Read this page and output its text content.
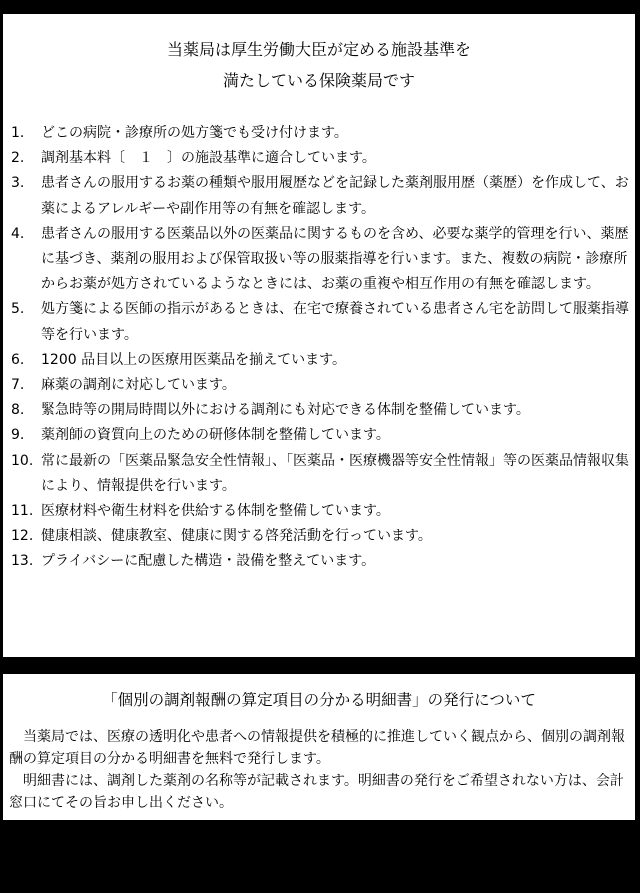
当薬局は厚生労働大臣が定める施設基準を

満たしている保険薬局です

1.	どこの病院・診療所の処方箋でも受け付けます。
2.	調剤基本料〔　１　〕の施設基準に適合しています。
3.	患者さんの服用するお薬の種類や服用履歴などを記録した薬剤服用歴（薬歴）を作成して、お薬によるアレルギーや副作用等の有無を確認します。
4.	患者さんの服用する医薬品以外の医薬品に関するものを含め、必要な薬学的管理を行い、薬歴に基づき、薬剤の服用および保管取扱い等の服薬指導を行います。また、複数の病院・診療所からお薬が処方されているようなときには、お薬の重複や相互作用の有無を確認します。
5.	処方箋による医師の指示があるときは、在宅で療養されている患者さん宅を訪問して服薬指導等を行います。
6.	1200 品目以上の医療用医薬品を揃えています。
7.	麻薬の調剤に対応しています。
8.	緊急時等の開局時間以外における調剤にも対応できる体制を整備しています。
9.	薬剤師の資質向上のための研修体制を整備しています。
10. 常に最新の「医薬品緊急安全性情報」、「医薬品・医療機器等安全性情報」等の医薬品情報収集により、情報提供を行います。
11. 医療材料や衛生材料を供給する体制を整備しています。
12. 健康相談、健康教室、健康に関する啓発活動を行っています。
13. プライバシーに配慮した構造・設備を整えています。
「個別の調剤報酬の算定項目の分かる明細書」の発行について

当薬局では、医療の透明化や患者への情報提供を積極的に推進していく観点から、個別の調剤報酬の算定項目の分かる明細書を無料で発行します。

明細書には、調剤した薬剤の名称等が記載されます。明細書の発行をご希望されない方は、会計窓口にてその旨お申し出ください。
